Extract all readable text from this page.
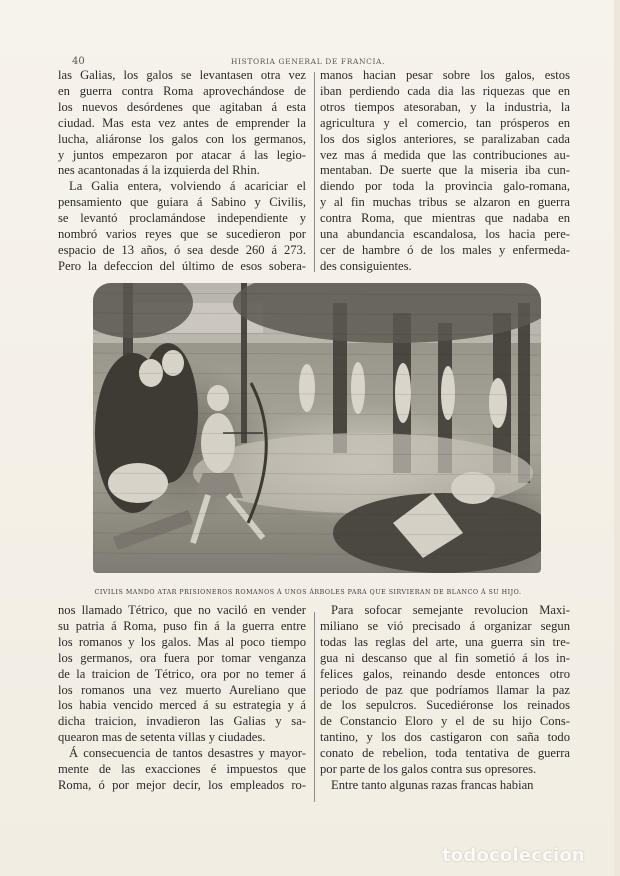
40	HISTORIA GENERAL DE FRANCIA.
las Galias, los galos se levantasen otra vez
en guerra contra Roma aprovechándose de
los nuevos desórdenes que agitaban á esta
ciudad. Mas esta vez antes de emprender la
lucha, aliáronse los galos con los germanos,
y juntos empezaron por atacar á las legio-
nes acantonadas á la izquierda del Rhin.
La Galia entera, volviendo á acariciar el
pensamiento que guiara á Sabino y Civilis,
se levantó proclamándose independiente y
nombró varios reyes que se sucedieron por
espacio de 13 años, ó sea desde 260 á 273.
Pero la defeccion del último de esos sobera-
manos hacian pesar sobre los galos, estos
iban perdiendo cada dia las riquezas que en
otros tiempos atesoraban, y la industria, la
agricultura y el comercio, tan prósperos en
los dos siglos anteriores, se paralizaban cada
vez mas á medida que las contribuciones au-
mentaban. De suerte que la miseria iba cun-
diendo por toda la provincia galo-romana,
y al fin muchas tribus se alzaron en guerra
contra Roma, que mientras que nadaba en
una abundancia escandalosa, los hacia pere-
cer de hambre ó de los males y enfermeda-
des consiguientes.
CIVILIS MANDO ATAR PRISIONEROS ROMANOS Á UNOS ÁRBOLES PARA QUE SIRVIERAN DE BLANCO Á SU HIJO.
nos llamado Tétrico, que no vaciló en vender
su patria á Roma, puso fin á la guerra entre
los romanos y los galos. Mas al poco tiempo
los germanos, ora fuera por tomar venganza
de la traicion de Tétrico, ora por no temer á
los romanos una vez muerto Aureliano que
los habia vencido merced á su estrategia y á
dicha traicion, invadieron las Galias y sa-
quearon mas de setenta villas y ciudades.
Á consecuencia de tantos desastres y mayor-
mente de las exacciones é impuestos que
Roma, ó por mejor decir, los empleados ro-
Para sofocar semejante revolucion Maxi-
miliano se vió precisado á organizar segun
todas las reglas del arte, una guerra sin tre-
gua ni descanso que al fin sometió á los in-
felices galos, reinando desde entonces otro
periodo de paz que podríamos llamar la paz
de los sepulcros. Sucediéronse los reinados
de Constancio Eloro y el de su hijo Cons-
tantino, y los dos castigaron con saña todo
conato de rebelion, toda tentativa de guerra
por parte de los galos contra sus opresores.
Entre tanto algunas razas francas habian
todocoleccion
